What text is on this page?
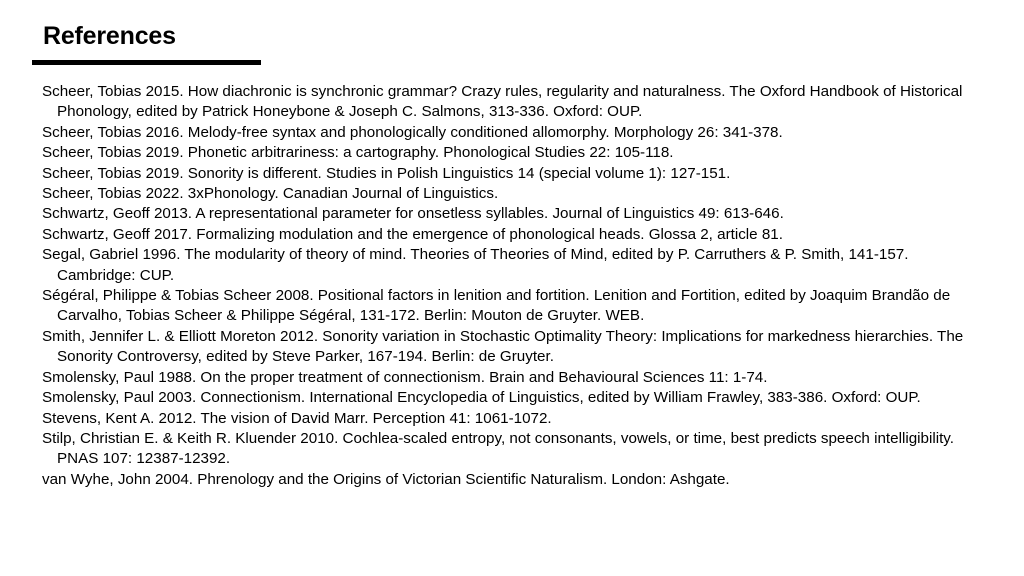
References
Scheer, Tobias 2015. How diachronic is synchronic grammar? Crazy rules, regularity and naturalness. The Oxford Handbook of Historical Phonology, edited by Patrick Honeybone & Joseph C. Salmons, 313-336. Oxford: OUP.
Scheer, Tobias 2016. Melody-free syntax and phonologically conditioned allomorphy. Morphology 26: 341-378.
Scheer, Tobias 2019. Phonetic arbitrariness: a cartography. Phonological Studies 22: 105-118.
Scheer, Tobias 2019. Sonority is different. Studies in Polish Linguistics 14 (special volume 1): 127-151.
Scheer, Tobias 2022. 3xPhonology. Canadian Journal of Linguistics.
Schwartz, Geoff 2013. A representational parameter for onsetless syllables. Journal of Linguistics 49: 613-646.
Schwartz, Geoff 2017. Formalizing modulation and the emergence of phonological heads. Glossa 2, article 81.
Segal, Gabriel 1996. The modularity of theory of mind. Theories of Theories of Mind, edited by P. Carruthers & P. Smith, 141-157. Cambridge: CUP.
Ségéral, Philippe & Tobias Scheer 2008. Positional factors in lenition and fortition. Lenition and Fortition, edited by Joaquim Brandão de Carvalho, Tobias Scheer & Philippe Ségéral, 131-172. Berlin: Mouton de Gruyter. WEB.
Smith, Jennifer L. & Elliott Moreton 2012. Sonority variation in Stochastic Optimality Theory: Implications for markedness hierarchies. The Sonority Controversy, edited by Steve Parker, 167-194. Berlin: de Gruyter.
Smolensky, Paul 1988. On the proper treatment of connectionism. Brain and Behavioural Sciences 11: 1-74.
Smolensky, Paul 2003. Connectionism. International Encyclopedia of Linguistics, edited by William Frawley, 383-386. Oxford: OUP.
Stevens, Kent A. 2012. The vision of David Marr. Perception 41: 1061-1072.
Stilp, Christian E. & Keith R. Kluender 2010. Cochlea-scaled entropy, not consonants, vowels, or time, best predicts speech intelligibility. PNAS 107: 12387-12392.
van Wyhe, John 2004. Phrenology and the Origins of Victorian Scientific Naturalism. London: Ashgate.
